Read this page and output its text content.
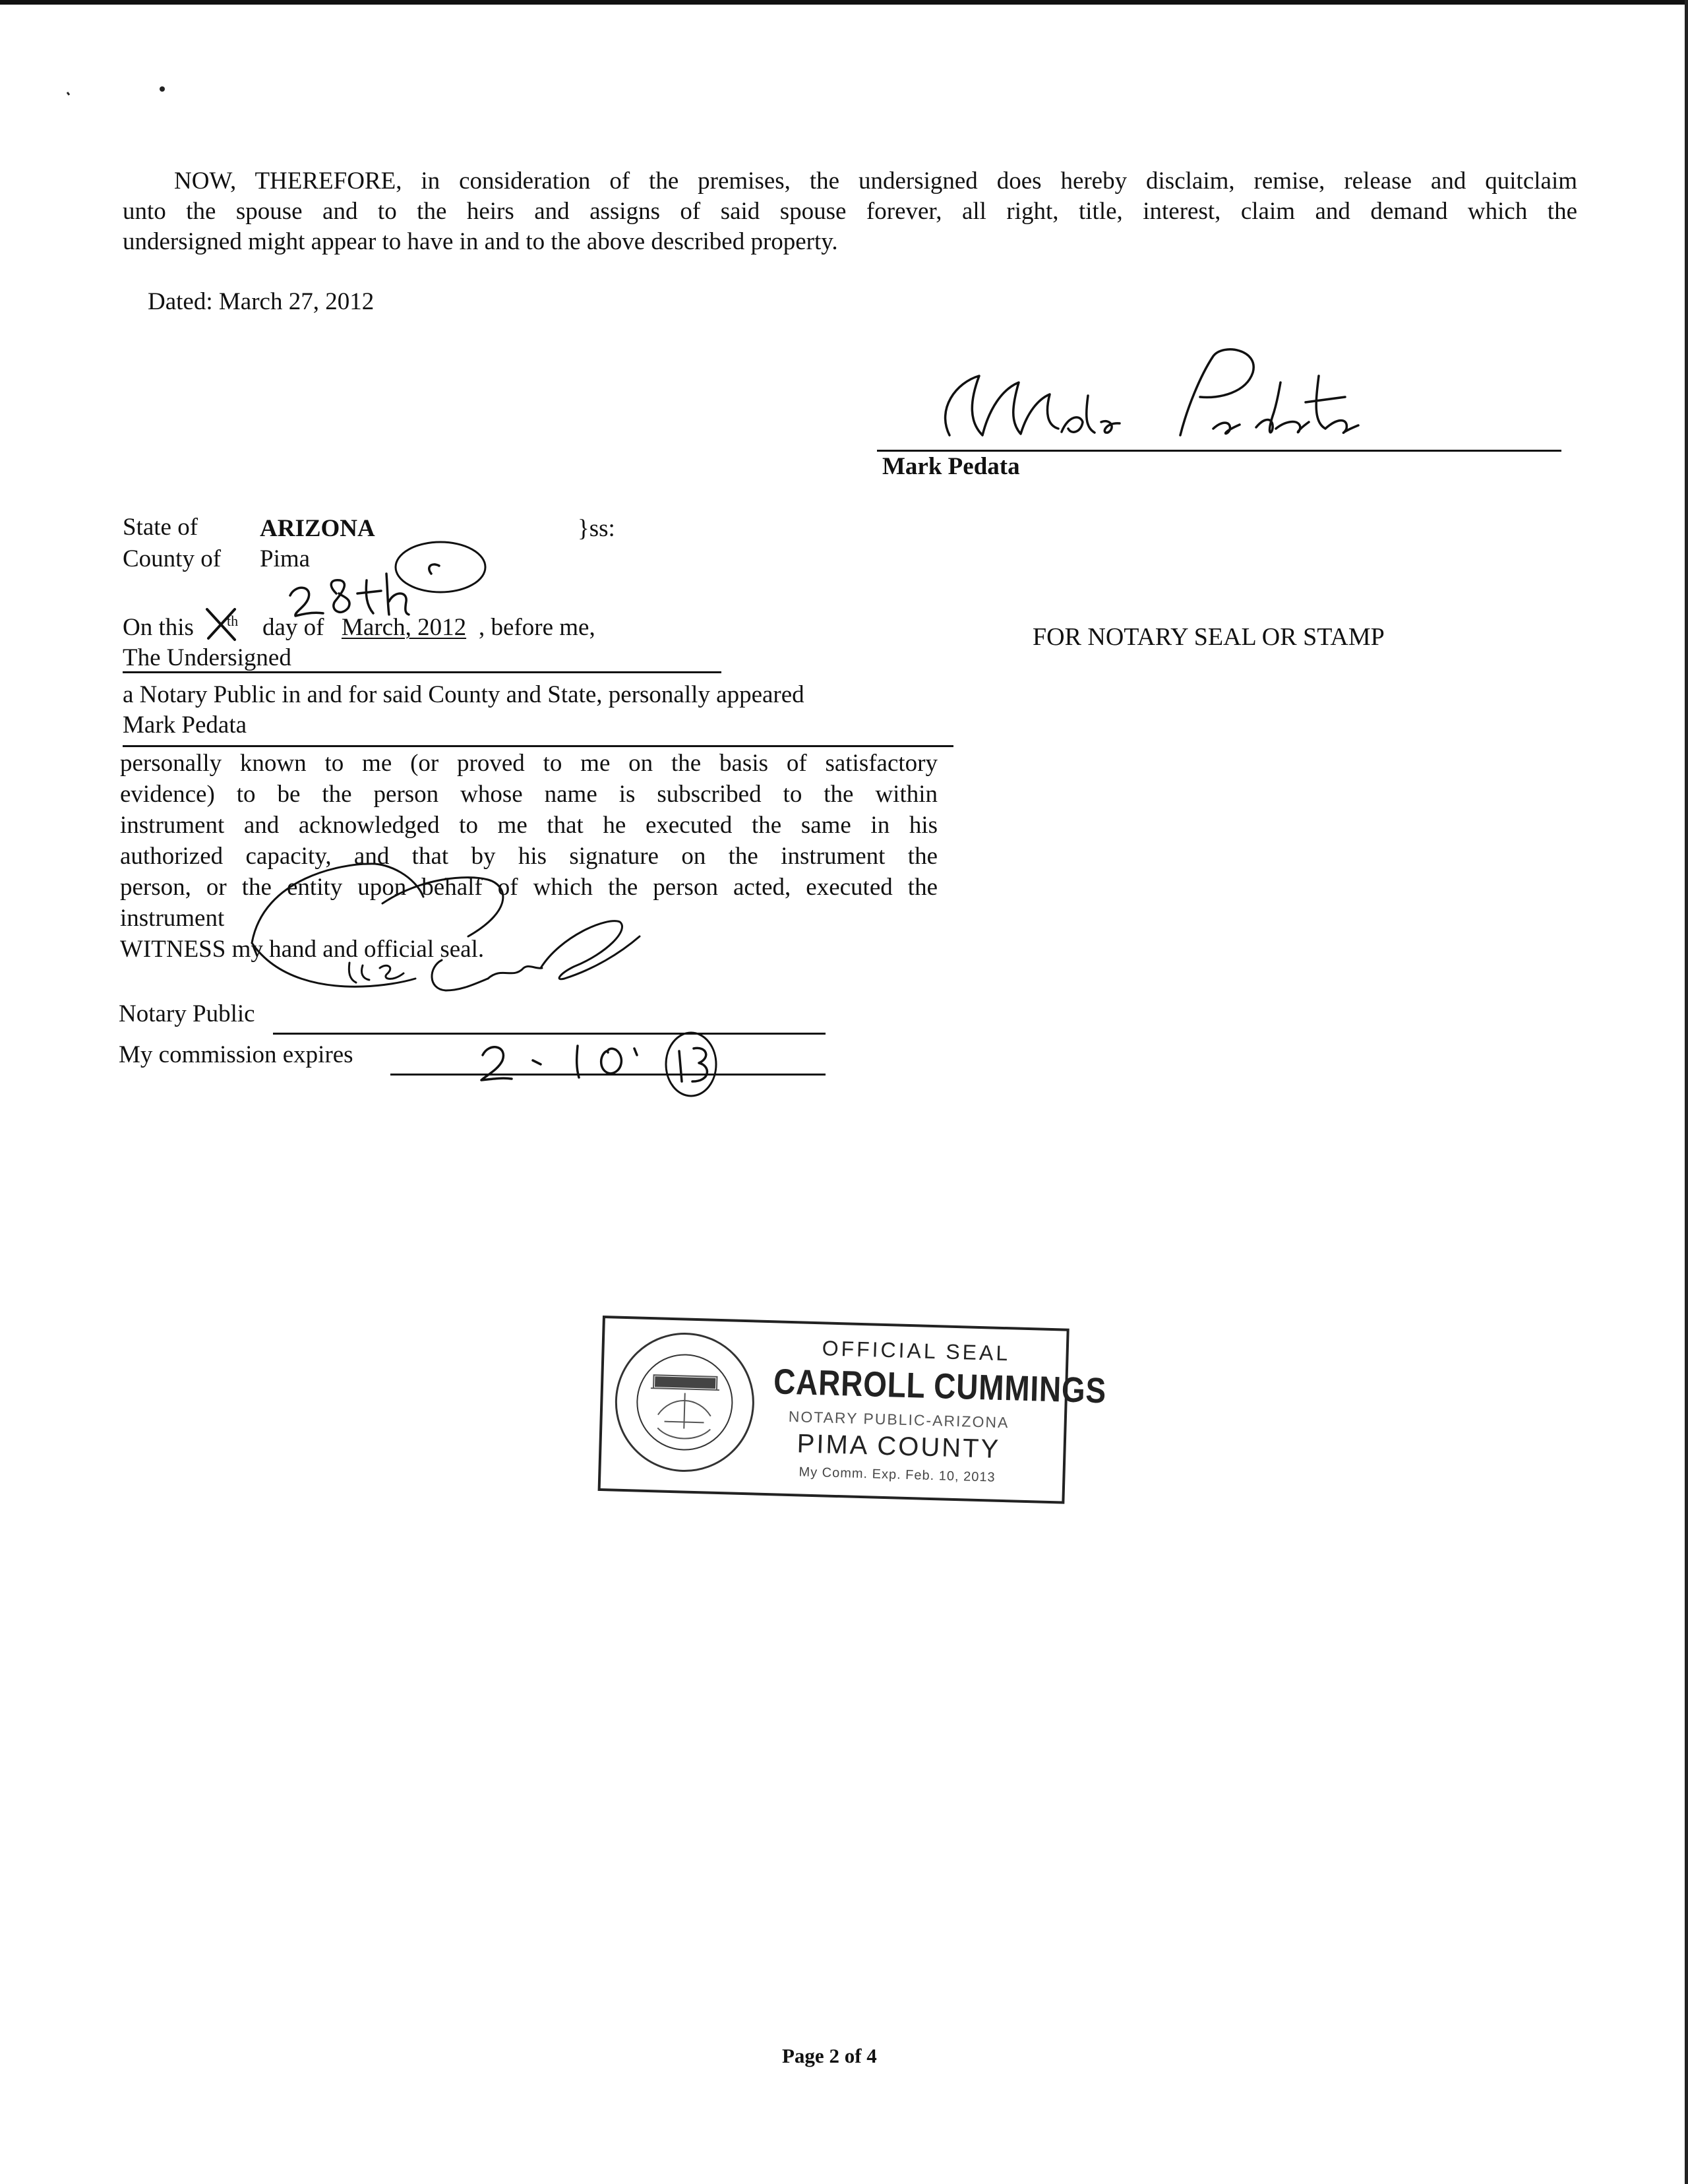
NOW, THEREFORE, in consideration of the premises, the undersigned does hereby disclaim, remise, release and quitclaim
unto the spouse and to the heirs and assigns of said spouse forever, all right, title, interest, claim and demand which the
undersigned might appear to have in and to the above described property.
Dated: March 27, 2012
Mark Pedata
State of	ARIZONA	}ss:
County of Pima
On this th day of March, 2012 , before me,
The Undersigned
a Notary Public in and for said County and State, personally appeared
Mark Pedata
personally known to me (or proved to me on the basis of satisfactory
evidence) to be the person whose name is subscribed to the within
instrument and acknowledged to me that he executed the same in his
authorized capacity, and that by his signature on the instrument the
person, or the entity upon behalf of which the person acted, executed the
instrument
WITNESS my hand and official seal.
Notary Public
My commission expires
FOR NOTARY SEAL OR STAMP
OFFICIAL SEAL
CARROLL CUMMINGS
NOTARY PUBLIC-ARIZONA
PIMA COUNTY
My Comm. Exp. Feb. 10, 2013
Page 2 of 4
